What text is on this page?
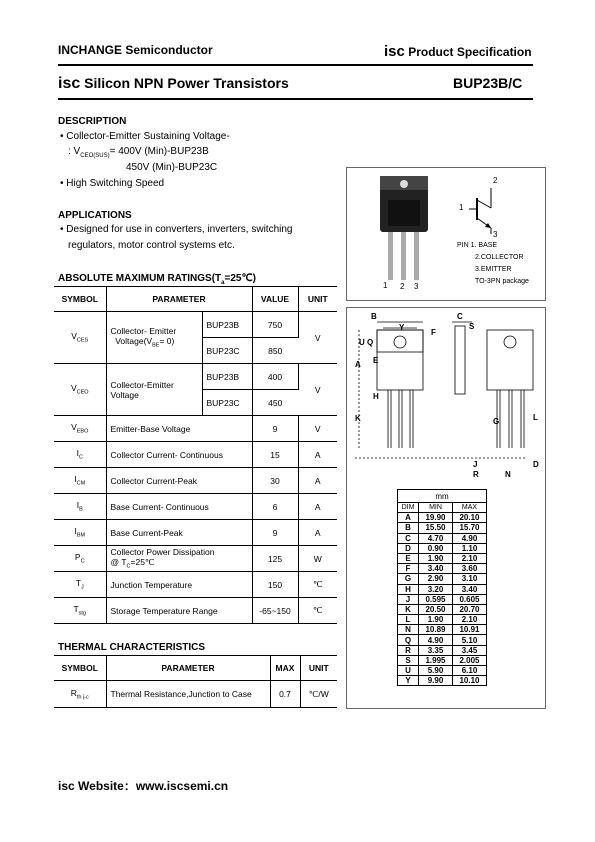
INCHANGE Semiconductor	isc Product Specification
isc Silicon NPN Power Transistors	BUP23B/C
DESCRIPTION
• Collector-Emitter Sustaining Voltage-
: $V_{CEO(SUS)}= 400V$ (Min)-BUP23B
450V (Min)-BUP23C
• High Switching Speed
APPLICATIONS
• Designed for use in converters, inverters, switching
regulators, motor control systems etc.
ABSOLUTE MAXIMUM $RATINGS(T_a=25℃)$
SYMBOL	PARAMETER		VALUE	UNIT
$V_{CES}$	Collector- Emitter
$Voltage(V_{BE}= 0)$	BUP23B	750	V
		BUP23C	850	
$V_{CEO}$	Collector-Emitter
Voltage	BUP23B	400	V
		BUP23C	450	
$V_{EBO}$	Emitter-Base Voltage		9	V
$I_C$	Collector Current- Continuous		15	A
$I_{CM}$	Collector Current-Peak		30	A
$I_B$	Base Current- Continuous		6	A
$I_{BM}$	Base Current-Peak		9	A
$P_C$	Collector Power Dissipation
@ $T_C=25℃$		125	W
$T_J$	Junction Temperature		150	℃
$T_{stg}$	Storage Temperature Range		-65~150	℃
THERMAL CHARACTERISTICS
SYMBOL	PARAMETER	MAX	UNIT
$R_{th j-c}$	Thermal Resistance,Junction to Case	0.7	℃/W
1 2 3
2
1
3
PIN 1. BASE
2.COLLECTOR
3.EMITTER
TO-3PN package
B
Y
F
U Q
A E
H
K
C
S
G	L
J
R	N
D
mm		
DIM	MIN	MAX
A	19.90	20.10
B	15.50	15.70
C	4.70	4.90
D	0.90	1.10
E	1.90	2.10
F	3.40	3.60
G	2.90	3.10
H	3.20	3.40
J	0.595	0.605
K	20.50	20.70
L	1.90	2.10
N	10.89	10.91
Q	4.90	5.10
R	3.35	3.45
S	1.995	2.005
U	5.90	6.10
Y	9.90	10.10
isc Website：www.iscsemi.cn
